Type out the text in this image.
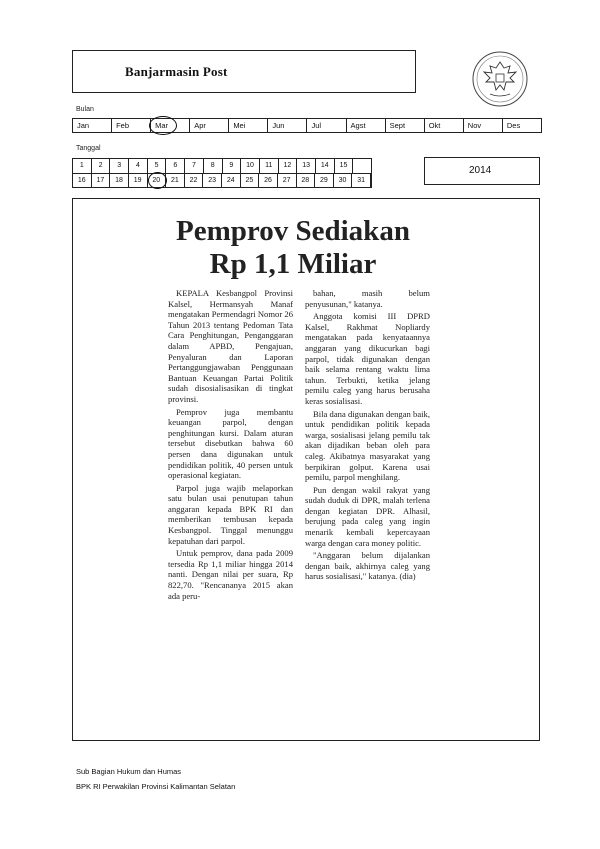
Banjarmasin Post
Bulan
Jan	Feb	Mar	Apr	Mei	Jun	Jul	Agst	Sept	Okt	Nov	Des
Tanggal
1	2	3	4	5	6	7	8	9	10	11	12	13	14	15
16	17	18	19	20	21	22	23	24	25	26	27	28	29	30	31
2014
Pemprov Sediakan
Rp 1,1 Miliar

KEPALA Kesbangpol Provinsi Kalsel, Hermansyah Manaf mengatakan Permendagri Nomor 26 Tahun 2013 tentang Pedoman Tata Cara Penghitungan, Penganggaran dalam APBD, Pengajuan, Penyaluran dan Laporan Pertanggungjawaban Penggunaan Bantuan Keuangan Partai Politik sudah disosialisasikan di tingkat provinsi.

Pemprov juga membantu keuangan parpol, dengan penghitungan kursi. Dalam aturan tersebut disebutkan bahwa 60 persen dana digunakan untuk pendidikan politik, 40 persen untuk operasional kegiatan.

Parpol juga wajib melaporkan satu bulan usai penutupan tahun anggaran kepada BPK RI dan memberikan tembusan kepada Kesbangpol. Tinggal menunggu kepatuhan dari parpol.

Untuk pemprov, dana pada 2009 tersedia Rp 1,1 miliar hingga 2014 nanti. Dengan nilai per suara, Rp 822,70. "Rencananya 2015 akan ada peru-

bahan, masih belum penyusunan," katanya.

Anggota komisi III DPRD Kalsel, Rakhmat Nopliardy mengatakan pada kenyataannya anggaran yang dikucurkan bagi parpol, tidak digunakan dengan baik selama rentang waktu lima tahun. Terbukti, ketika jelang pemilu caleg yang harus berusaha keras sosialisasi.

Bila dana digunakan dengan baik, untuk pendidikan politik kepada warga, sosialisasi jelang pemilu tak akan dijadikan beban oleh para caleg. Akibatnya masyarakat yang berpikiran golput. Karena usai pemilu, parpol menghilang.

Pun dengan wakil rakyat yang sudah duduk di DPR, malah terlena dengan kegiatan DPR. Alhasil, berujung pada caleg yang ingin menarik kembali kepercayaan warga dengan cara money politic.

"Anggaran belum dijalankan dengan baik, akhirnya caleg yang harus sosialisasi," katanya. (dia)

Sub Bagian Hukum dan Humas
BPK RI Perwakilan Provinsi Kalimantan Selatan
